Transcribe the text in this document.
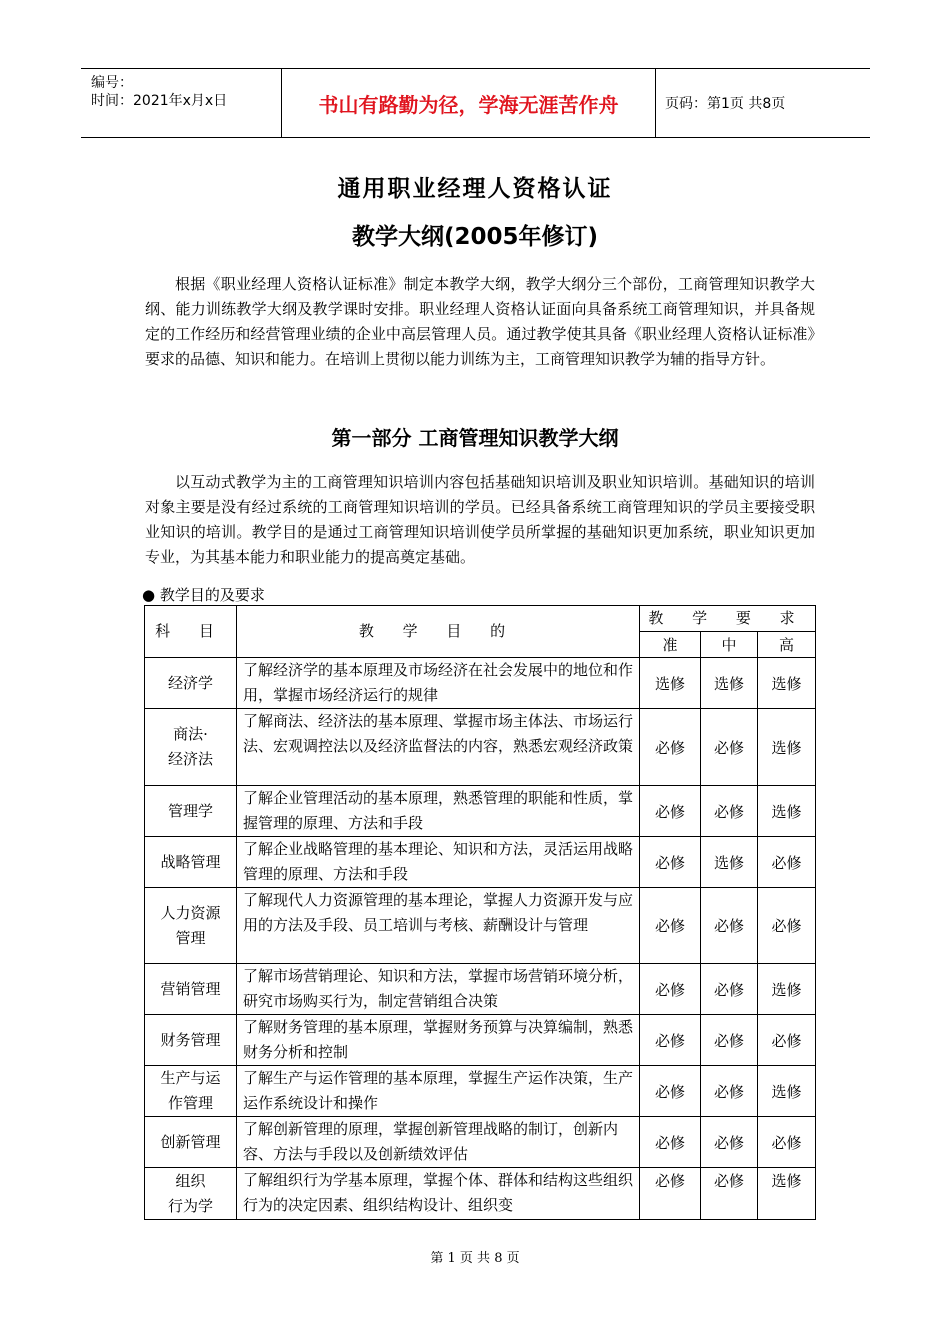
编号：
时间：2021年x月x日	书山有路勤为径，学海无涯苦作舟	页码：第1页 共8页
通用职业经理人资格认证
教学大纲(2005年修订)
根据《职业经理人资格认证标准》制定本教学大纲，教学大纲分三个部份，工商管理知识教学大纲、能力训练教学大纲及教学课时安排。职业经理人资格认证面向具备系统工商管理知识，并具备规定的工作经历和经营管理业绩的企业中高层管理人员。通过教学使其具备《职业经理人资格认证标准》要求的品德、知识和能力。在培训上贯彻以能力训练为主，工商管理知识教学为辅的指导方针。
第一部分 工商管理知识教学大纲
以互动式教学为主的工商管理知识培训内容包括基础知识培训及职业知识培训。基础知识的培训对象主要是没有经过系统的工商管理知识培训的学员。已经具备系统工商管理知识的学员主要接受职业知识的培训。教学目的是通过工商管理知识培训使学员所掌握的基础知识更加系统，职业知识更加专业，为其基本能力和职业能力的提高奠定基础。
● 教学目的及要求
科 目	教 学 目 的	教 学 要 求		
		准	中	高
经济学	了解经济学的基本原理及市场经济在社会发展中的地位和作用，掌握市场经济运行的规律	选修	选修	选修
商法·
经济法	了解商法、经济法的基本原理、掌握市场主体法、市场运行法、宏观调控法以及经济监督法的内容，熟悉宏观经济政策	必修	必修	选修
管理学	了解企业管理活动的基本原理，熟悉管理的职能和性质，掌握管理的原理、方法和手段	必修	必修	选修
战略管理	了解企业战略管理的基本理论、知识和方法，灵活运用战略管理的原理、方法和手段	必修	选修	必修
人力资源
管理	了解现代人力资源管理的基本理论，掌握人力资源开发与应用的方法及手段、员工培训与考核、薪酬设计与管理	必修	必修	必修
营销管理	了解市场营销理论、知识和方法，掌握市场营销环境分析，研究市场购买行为，制定营销组合决策	必修	必修	选修
财务管理	了解财务管理的基本原理，掌握财务预算与决算编制，熟悉财务分析和控制	必修	必修	必修
生产与运
作管理	了解生产与运作管理的基本原理，掌握生产运作决策，生产运作系统设计和操作	必修	必修	选修
创新管理	了解创新管理的原理，掌握创新管理战略的制订，创新内容、方法与手段以及创新绩效评估	必修	必修	必修
组织
行为学	了解组织行为学基本原理，掌握个体、群体和结构这些组织行为的决定因素、组织结构设计、组织变	必修	必修	选修
第 1 页 共 8 页
